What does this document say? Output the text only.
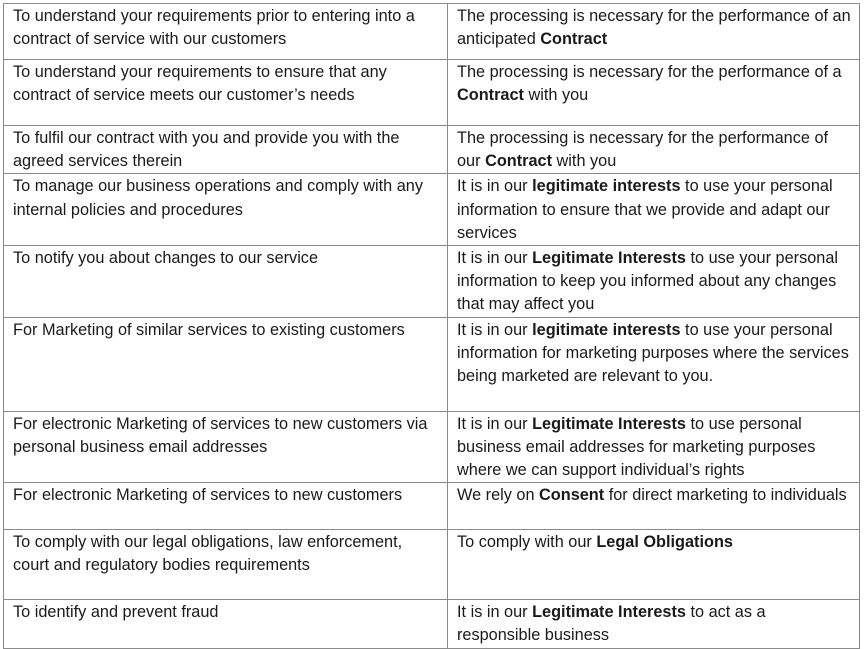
To understand your requirements prior to entering into a contract of service with our customers	The processing is necessary for the performance of an anticipated Contract
To understand your requirements to ensure that any contract of service meets our customer’s needs	The processing is necessary for the performance of a Contract with you
To fulfil our contract with you and provide you with the agreed services therein	The processing is necessary for the performance of our Contract with you
To manage our business operations and comply with any internal policies and procedures	It is in our legitimate interests to use your personal information to ensure that we provide and adapt our services
To notify you about changes to our service	It is in our Legitimate Interests to use your personal information to keep you informed about any changes that may affect you
For Marketing of similar services to existing customers	It is in our legitimate interests to use your personal information for marketing purposes where the services being marketed are relevant to you.
For electronic Marketing of services to new customers via personal business email addresses	It is in our Legitimate Interests to use personal business email addresses for marketing purposes where we can support individual’s rights
For electronic Marketing of services to new customers	We rely on Consent for direct marketing to individuals
To comply with our legal obligations, law enforcement, court and regulatory bodies requirements	To comply with our Legal Obligations
To identify and prevent fraud	It is in our Legitimate Interests to act as a responsible business
